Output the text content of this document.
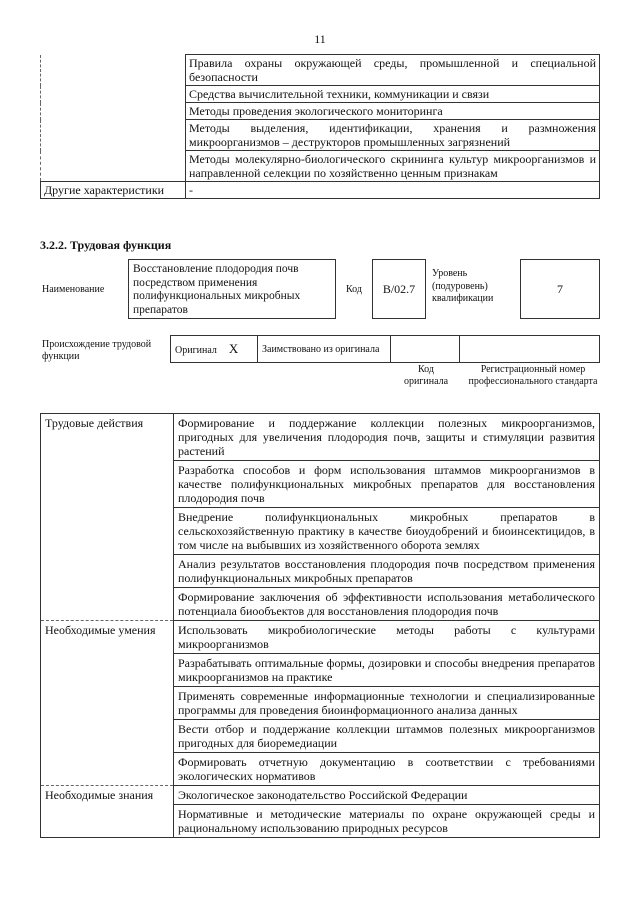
11
	Правила охраны окружающей среды, промышленной и специальной безопасности
	Средства вычислительной техники, коммуникации и связи
	Методы проведения экологического мониторинга
	Методы выделения, идентификации, хранения и размножения микроорганизмов – деструкторов промышленных загрязнений
	Методы молекулярно-биологического скрининга культур микроорганизмов и направленной селекции по хозяйственно ценным признакам
Другие характеристики	-
3.2.2. Трудовая функция
Наименование
Восстановление плодородия почв посредством применения полифункциональных микробных препаратов
Код	B/02.7
Уровень
(подуровень)
квалификации
7
Происхождение трудовой функции
Оригинал X	Заимствовано из оригинала		
Код оригинала
Регистрационный номер профессионального стандарта
Трудовые действия	Формирование и поддержание коллекции полезных микроорганизмов, пригодных для увеличения плодородия почв, защиты и стимуляции развития растений
	Разработка способов и форм использования штаммов микроорганизмов в качестве полифункциональных микробных препаратов для восстановления плодородия почв
	Внедрение полифункциональных микробных препаратов в сельскохозяйственную практику в качестве биоудобрений и биоинсектицидов, в том числе на выбывших из хозяйственного оборота землях
	Анализ результатов восстановления плодородия почв посредством применения полифункциональных микробных препаратов
	Формирование заключения об эффективности использования метаболического потенциала биообъектов для восстановления плодородия почв
Необходимые умения	Использовать микробиологические методы работы с культурами микроорганизмов
	Разрабатывать оптимальные формы, дозировки и способы внедрения препаратов микроорганизмов на практике
	Применять современные информационные технологии и специализированные программы для проведения биоинформационного анализа данных
	Вести отбор и поддержание коллекции штаммов полезных микроорганизмов пригодных для биоремедиации
	Формировать отчетную документацию в соответствии с требованиями экологических нормативов
Необходимые знания	Экологическое законодательство Российской Федерации
	Нормативные и методические материалы по охране окружающей среды и рациональному использованию природных ресурсов
